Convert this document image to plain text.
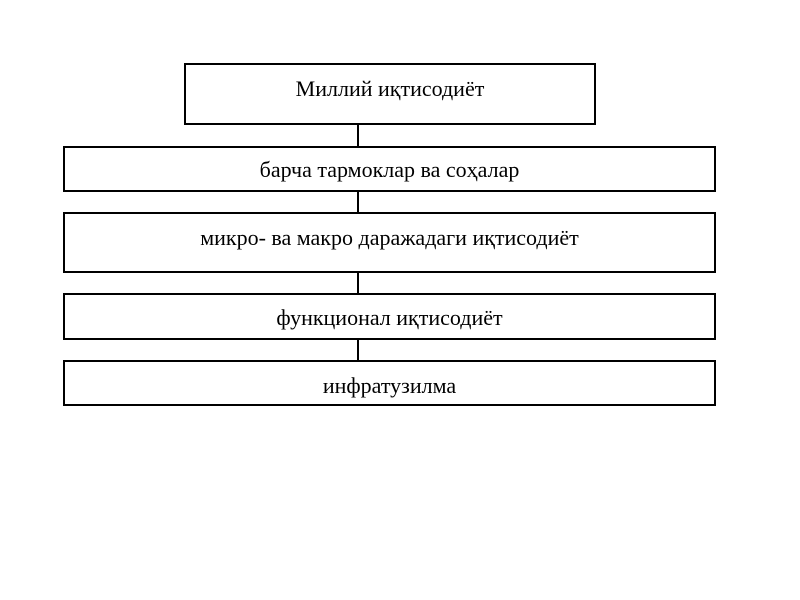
Миллий иқтисодиёт
барча тармоклар ва соҳалар
микро- ва макро даражадаги иқтисодиёт
функционал иқтисодиёт
инфратузилма
